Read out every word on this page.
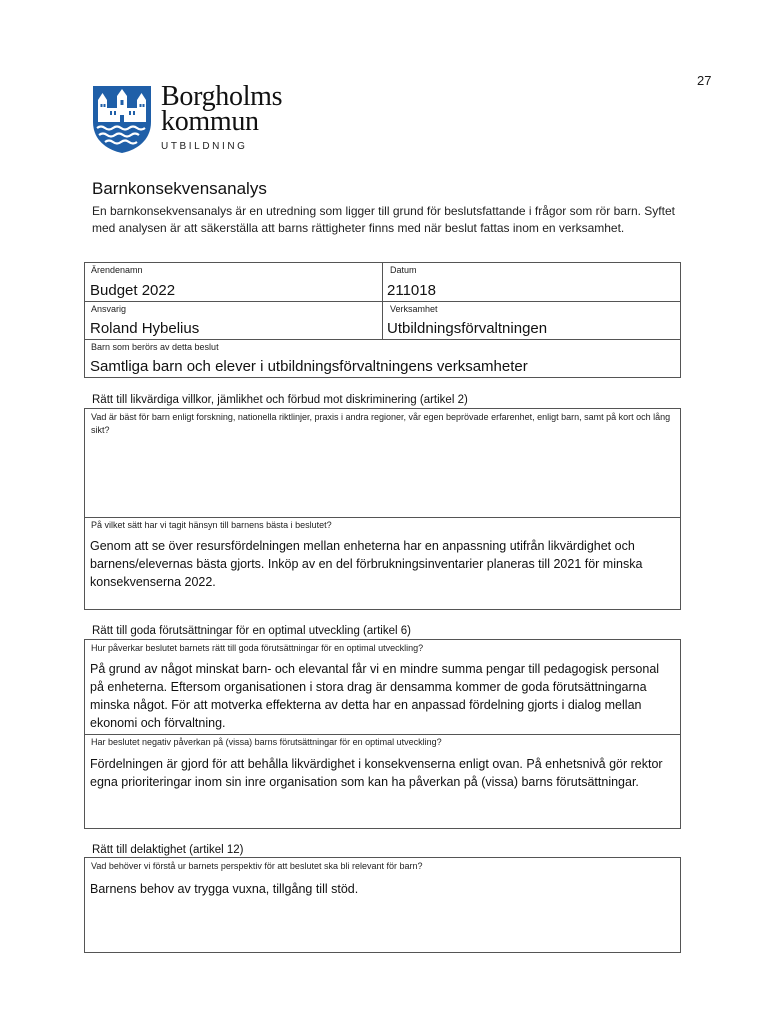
27
Borgholms
kommun
UTBILDNING
Barnkonsekvensanalys
En barnkonsekvensanalys är en utredning som ligger till grund för beslutsfattande i frågor som rör barn. Syftet med analysen är att säkerställa att barns rättigheter finns med när beslut fattas inom en verksamhet.
Ärendenamn
Budget 2022
Datum
211018
Ansvarig
Roland Hybelius
Verksamhet
Utbildningsförvaltningen
Barn som berörs av detta beslut
Samtliga barn och elever i utbildningsförvaltningens verksamheter
Rätt till likvärdiga villkor, jämlikhet och förbud mot diskriminering (artikel 2)
Vad är bäst för barn enligt forskning, nationella riktlinjer, praxis i andra regioner, vår egen beprövade erfarenhet, enligt barn, samt på kort och lång sikt?
På vilket sätt har vi tagit hänsyn till barnens bästa i beslutet?
Genom att se över resursfördelningen mellan enheterna har en anpassning utifrån likvärdighet och barnens/elevernas bästa gjorts. Inköp av en del förbrukningsinventarier planeras till 2021 för minska konsekvenserna 2022.
Rätt till goda förutsättningar för en optimal utveckling (artikel 6)
Hur påverkar beslutet barnets rätt till goda förutsättningar för en optimal utveckling?
På grund av något minskat barn- och elevantal får vi en mindre summa pengar till pedagogisk personal på enheterna. Eftersom organisationen i stora drag är densamma kommer de goda förutsättningarna minska något. För att motverka effekterna av detta har en anpassad fördelning gjorts i dialog mellan ekonomi och förvaltning.
Har beslutet negativ påverkan på (vissa) barns förutsättningar för en optimal utveckling?
Fördelningen är gjord för att behålla likvärdighet i konsekvenserna enligt ovan. På enhetsnivå gör rektor egna prioriteringar inom sin inre organisation som kan ha påverkan på (vissa) barns förutsättningar.
Rätt till delaktighet (artikel 12)
Vad behöver vi förstå ur barnets perspektiv för att beslutet ska bli relevant för barn?
Barnens behov av trygga vuxna, tillgång till stöd.
